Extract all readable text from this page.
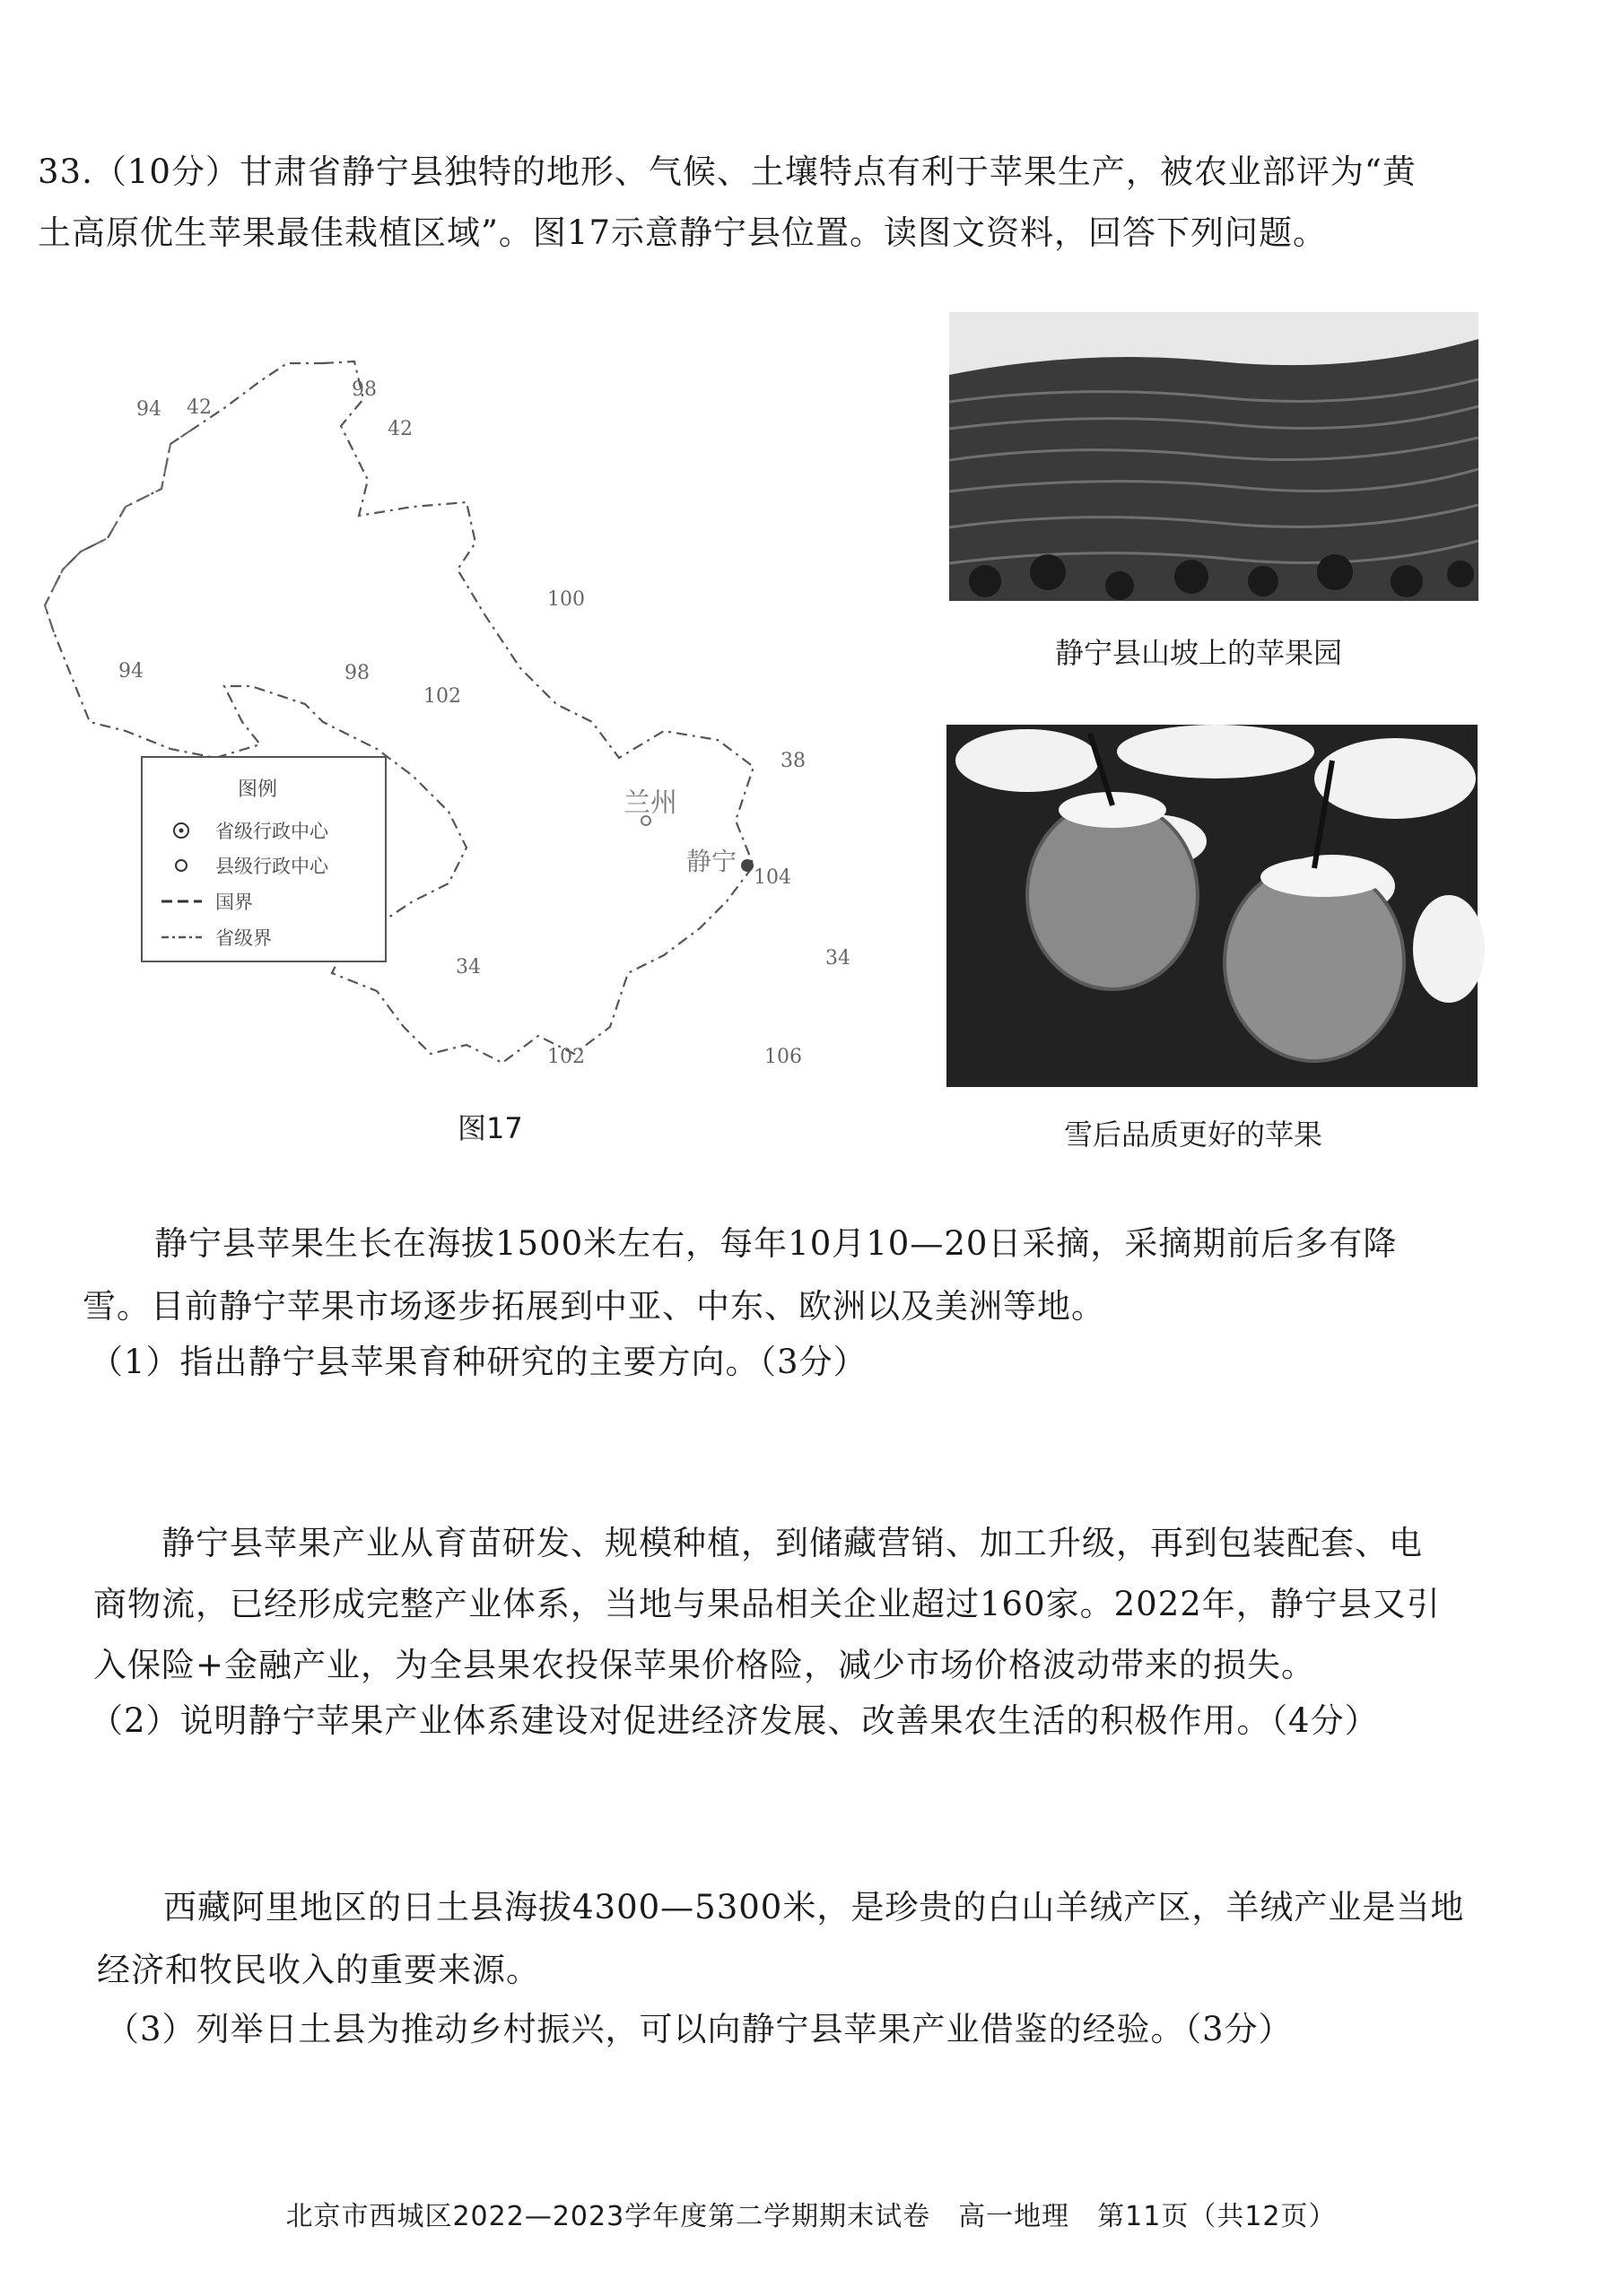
33.（10分）甘肃省静宁县独特的地形、气候、土壤特点有利于苹果生产，被农业部评为“黄
土高原优生苹果最佳栽植区域”。图17示意静宁县位置。读图文资料，回答下列问题。
42
94
98
42
100
94	98
102
34
102	106
34
38
104
兰州
静宁
图例
省级行政中心
县级行政中心
国界
省级界
图17
静宁县山坡上的苹果园
雪后品质更好的苹果
静宁县苹果生长在海拔1500米左右，每年10月10—20日采摘，采摘期前后多有降
雪。目前静宁苹果市场逐步拓展到中亚、中东、欧洲以及美洲等地。
（1）指出静宁县苹果育种研究的主要方向。（3分）
静宁县苹果产业从育苗研发、规模种植，到储藏营销、加工升级，再到包装配套、电
商物流，已经形成完整产业体系，当地与果品相关企业超过160家。2022年，静宁县又引
入保险+金融产业，为全县果农投保苹果价格险，减少市场价格波动带来的损失。
（2）说明静宁苹果产业体系建设对促进经济发展、改善果农生活的积极作用。（4分）
西藏阿里地区的日土县海拔4300—5300米，是珍贵的白山羊绒产区，羊绒产业是当地
经济和牧民收入的重要来源。
（3）列举日土县为推动乡村振兴，可以向静宁县苹果产业借鉴的经验。（3分）
北京市西城区2022—2023学年度第二学期期末试卷　高一地理　第11页（共12页）
